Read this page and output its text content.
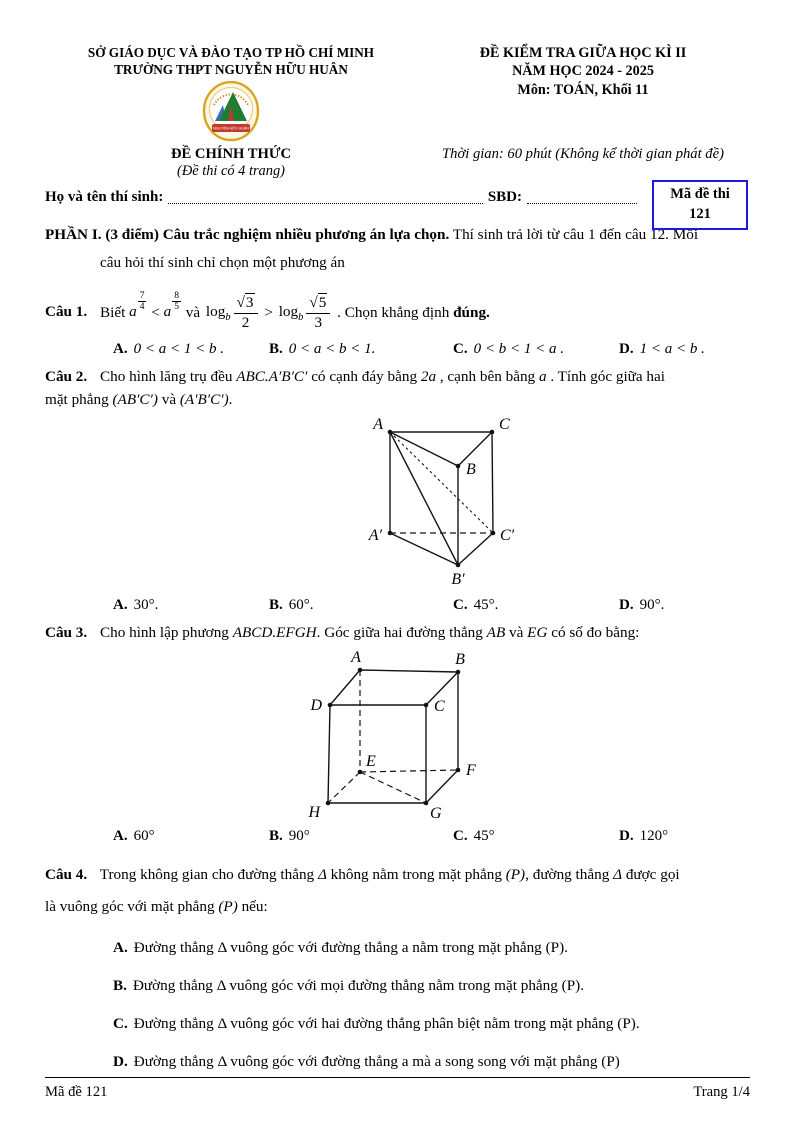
SỞ GIÁO DỤC VÀ ĐÀO TẠO TP HỒ CHÍ MINH
TRƯỜNG THPT NGUYỄN HỮU HUÂN
NGUYỄN HỮU HUÂN
ĐỀ CHÍNH THỨC
(Đề thi có 4 trang)
ĐỀ KIỂM TRA GIỮA HỌC KÌ II
NĂM HỌC 2024 - 2025
Môn: TOÁN, Khối 11
Thời gian: 60 phút (Không kể thời gian phát đề)
Họ và tên thí sinh:	SBD:
PHẦN I. (3 điểm) Câu trắc nghiệm nhiều phương án lựa chọn. Thí sinh trả lời từ câu 1 đến câu 12. Mỗi
câu hỏi thí sinh chỉ chọn một phương án
Câu 1. Biết a $\frac{7}{4} < a \frac{8}{5}$ và $\log_b \frac{√3}{2} > \log_b \frac{√5}{3}$ . Chọn khẳng định đúng.
A. 0 < a < 1 < b .	B. 0 < a < b < 1.	C. 0 < b < 1 < a .	D. 1 < a < b .
Câu 2. Cho hình lăng trụ đều ABC.A′B′C′ có cạnh đáy bằng 2a , cạnh bên bằng a . Tính góc giữa hai
mặt phẳng (AB′C′) và (A′B′C′).
A	C
B
A′	C′
B′
A. 30°.	B. 60°.	C. 45°.	D. 90°.
Câu 3. Cho hình lập phương ABCD.EFGH. Góc giữa hai đường thẳng AB và EG có số đo bằng:
A	B
D	C
E
F
H	G
A. 60°	B. 90°	C. 45°	D. 120°
Câu 4. Trong không gian cho đường thẳng Δ không nằm trong mặt phẳng (P), đường thẳng Δ được gọi
là vuông góc với mặt phẳng (P) nếu:
A. Đường thẳng Δ vuông góc với đường thẳng a nằm trong mặt phẳng (P).
B. Đường thẳng Δ vuông góc với mọi đường thẳng nằm trong mặt phẳng (P).
C. Đường thẳng Δ vuông góc với hai đường thẳng phân biệt nằm trong mặt phẳng (P).
D. Đường thẳng Δ vuông góc với đường thẳng a mà a song song với mặt phẳng (P)
Mã đề thi
121
Mã đề 121	Trang 1/4
